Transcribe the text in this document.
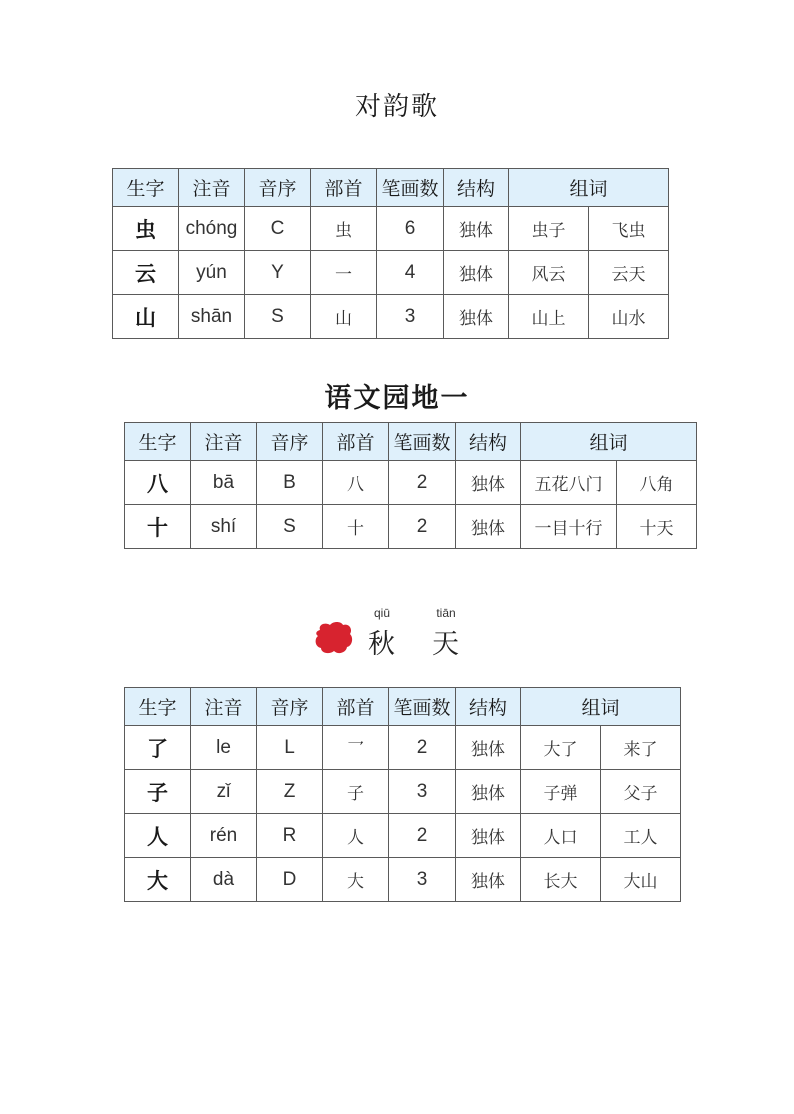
对韵歌
生字	注音	音序	部首	笔画数	结构	组词	
虫	chóng	C	虫	6	独体	虫子	飞虫
云	yún	Y	一	4	独体	风云	云天
山	shān	S	山	3	独体	山上	山水
语文园地一
生字	注音	音序	部首	笔画数	结构	组词	
八	bā	B	八	2	独体	五花八门	八角
十	shí	S	十	2	独体	一目十行	十天
qiū
秋
tiān
天
生字	注音	音序	部首	笔画数	结构	组词	
了	le	L	乛	2	独体	大了	来了
子	zǐ	Z	子	3	独体	子弹	父子
人	rén	R	人	2	独体	人口	工人
大	dà	D	大	3	独体	长大	大山
